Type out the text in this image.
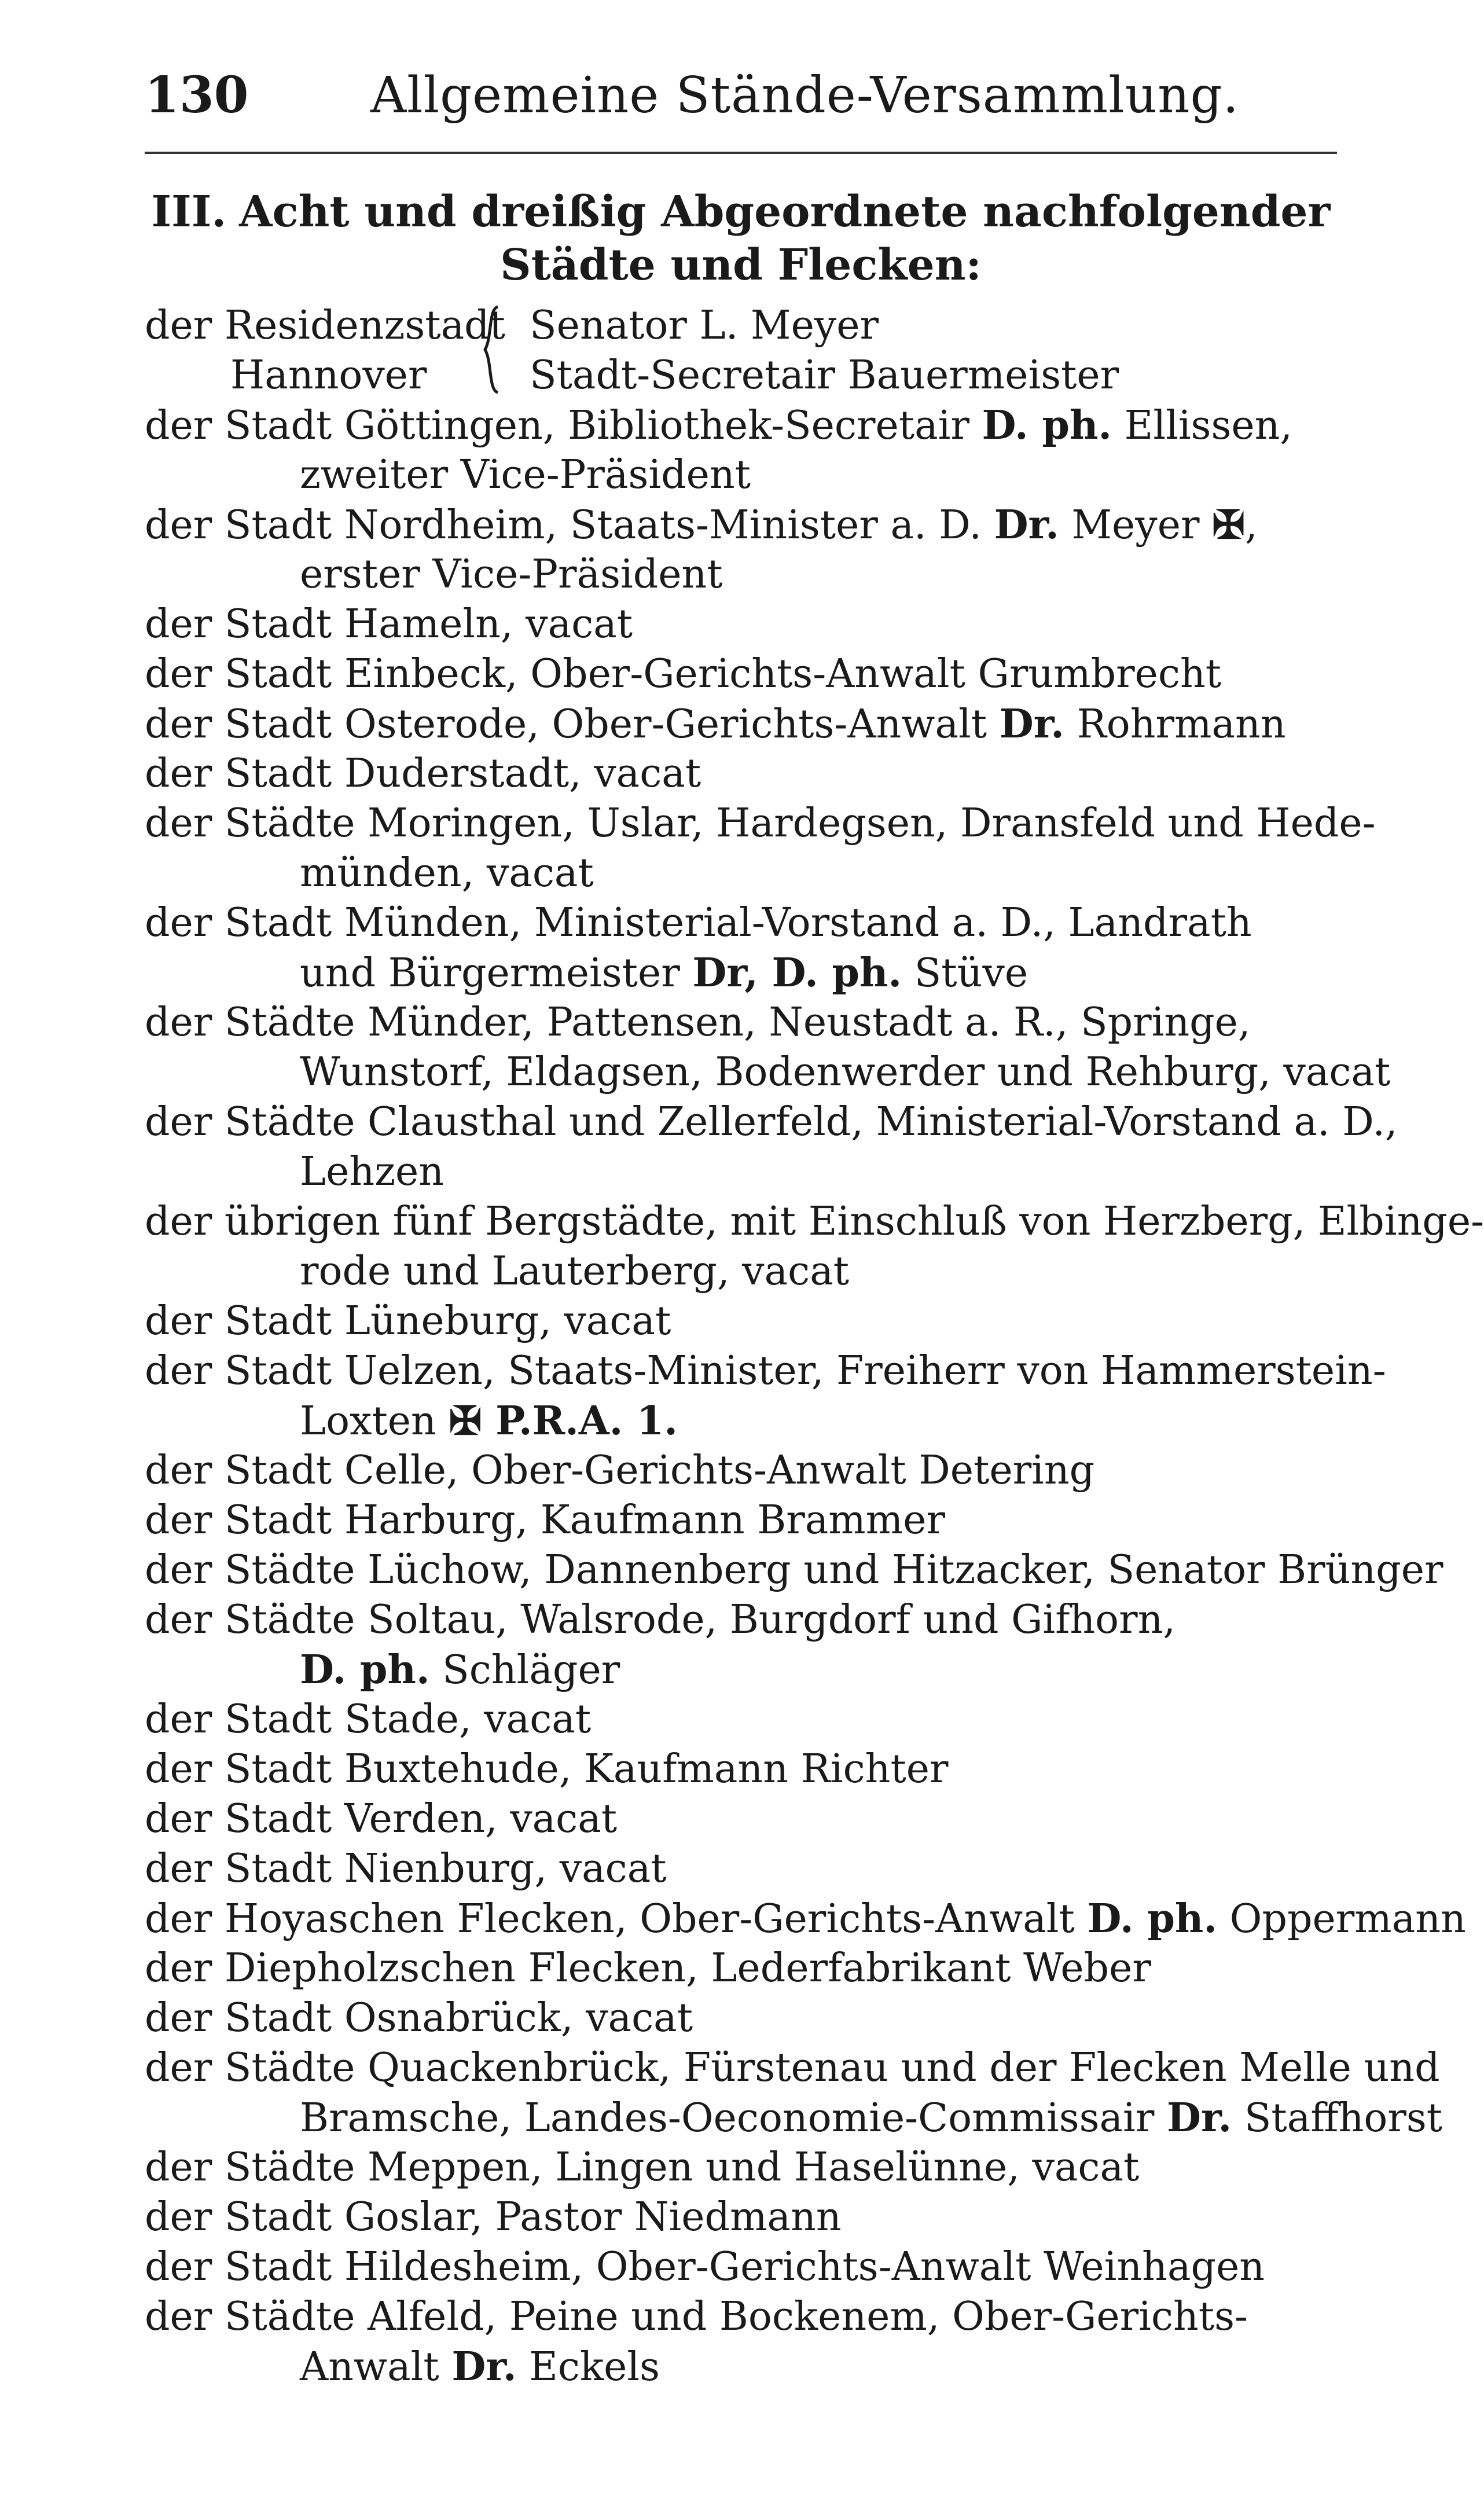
130 Allgemeine Stände-Versammlung.
III. Acht und dreißig Abgeordnete nachfolgender
Städte und Flecken:
der Residenzstadt
Hannover
Senator L. Meyer
Stadt-Secretair Bauermeister
der Stadt Göttingen, Bibliothek-Secretair D. ph. Ellissen,
zweiter Vice-Präsident
der Stadt Nordheim, Staats-Minister a. D. Dr. Meyer ✠,
erster Vice-Präsident
der Stadt Hameln, vacat
der Stadt Einbeck, Ober-Gerichts-Anwalt Grumbrecht
der Stadt Osterode, Ober-Gerichts-Anwalt Dr. Rohrmann
der Stadt Duderstadt, vacat
der Städte Moringen, Uslar, Hardegsen, Dransfeld und Hede-
münden, vacat
der Stadt Münden, Ministerial-Vorstand a. D., Landrath
und Bürgermeister Dr, D. ph. Stüve
der Städte Münder, Pattensen, Neustadt a. R., Springe,
Wunstorf, Eldagsen, Bodenwerder und Rehburg, vacat
der Städte Clausthal und Zellerfeld, Ministerial-Vorstand a. D.,
Lehzen
der übrigen fünf Bergstädte, mit Einschluß von Herzberg, Elbinge-
rode und Lauterberg, vacat
der Stadt Lüneburg, vacat
der Stadt Uelzen, Staats-Minister, Freiherr von Hammerstein-
Loxten ✠ P.R.A. 1.
der Stadt Celle, Ober-Gerichts-Anwalt Detering
der Stadt Harburg, Kaufmann Brammer
der Städte Lüchow, Dannenberg und Hitzacker, Senator Brünger
der Städte Soltau, Walsrode, Burgdorf und Gifhorn,
D. ph. Schläger
der Stadt Stade, vacat
der Stadt Buxtehude, Kaufmann Richter
der Stadt Verden, vacat
der Stadt Nienburg, vacat
der Hoyaschen Flecken, Ober-Gerichts-Anwalt D. ph. Oppermann
der Diepholzschen Flecken, Lederfabrikant Weber
der Stadt Osnabrück, vacat
der Städte Quackenbrück, Fürstenau und der Flecken Melle und
Bramsche, Landes-Oeconomie-Commissair Dr. Staffhorst
der Städte Meppen, Lingen und Haselünne, vacat
der Stadt Goslar, Pastor Niedmann
der Stadt Hildesheim, Ober-Gerichts-Anwalt Weinhagen
der Städte Alfeld, Peine und Bockenem, Ober-Gerichts-
Anwalt Dr. Eckels
